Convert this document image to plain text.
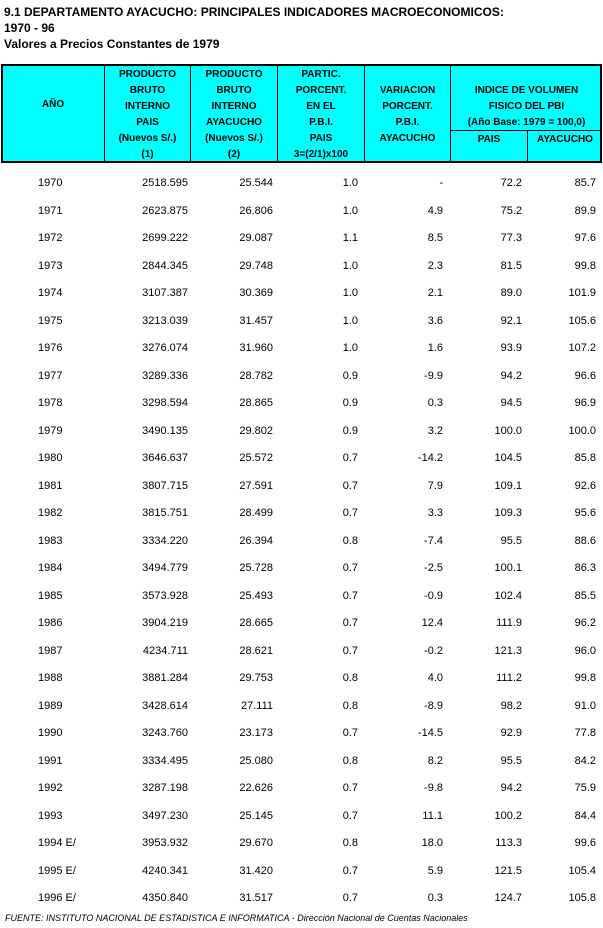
9.1 DEPARTAMENTO AYACUCHO: PRINCIPALES INDICADORES MACROECONOMICOS:
1970 - 96
Valores a Precios Constantes de 1979
AÑO
PRODUCTO
BRUTO
INTERNO
PAIS
(Nuevos S/.)
(1)
PRODUCTO
BRUTO
INTERNO
AYACUCHO
(Nuevos S/.)
(2)
PARTIC.
PORCENT.
EN EL
P.B.I.
PAIS
3=(2/1)x100
VARIACION
PORCENT.
P.B.I.
AYACUCHO
INDICE DE VOLUMEN
FISICO DEL PBI
(Año Base: 1979 = 100,0)
PAIS	AYACUCHO
1970	2518.595	25.544	1.0	-	72.2	85.7
1971	2623.875	26.806	1.0	4.9	75.2	89.9
1972	2699.222	29.087	1.1	8.5	77.3	97.6
1973	2844.345	29.748	1.0	2.3	81.5	99.8
1974	3107.387	30.369	1.0	2.1	89.0	101.9
1975	3213.039	31.457	1.0	3.6	92.1	105.6
1976	3276.074	31.960	1.0	1.6	93.9	107.2
1977	3289.336	28.782	0.9	-9.9	94.2	96.6
1978	3298.594	28.865	0.9	0.3	94.5	96.9
1979	3490.135	29.802	0.9	3.2	100.0	100.0
1980	3646.637	25.572	0.7	-14.2	104.5	85.8
1981	3807.715	27.591	0.7	7.9	109.1	92.6
1982	3815.751	28.499	0.7	3.3	109.3	95.6
1983	3334.220	26.394	0.8	-7.4	95.5	88.6
1984	3494.779	25.728	0.7	-2.5	100.1	86.3
1985	3573.928	25.493	0.7	-0.9	102.4	85.5
1986	3904.219	28.665	0.7	12.4	111.9	96.2
1987	4234.711	28.621	0.7	-0.2	121.3	96.0
1988	3881.284	29.753	0.8	4.0	111.2	99.8
1989	3428.614	27.111	0.8	-8.9	98.2	91.0
1990	3243.760	23.173	0.7	-14.5	92.9	77.8
1991	3334.495	25.080	0.8	8.2	95.5	84.2
1992	3287.198	22.626	0.7	-9.8	94.2	75.9
1993	3497.230	25.145	0.7	11.1	100.2	84.4
1994 E/	3953.932	29.670	0.8	18.0	113.3	99.6
1995 E/	4240.341	31.420	0.7	5.9	121.5	105.4
1996 E/	4350.840	31.517	0.7	0.3	124.7	105.8
FUENTE: INSTITUTO NACIONAL DE ESTADISTICA E INFORMATICA - Dirección Nacional de Cuentas Nacionales
